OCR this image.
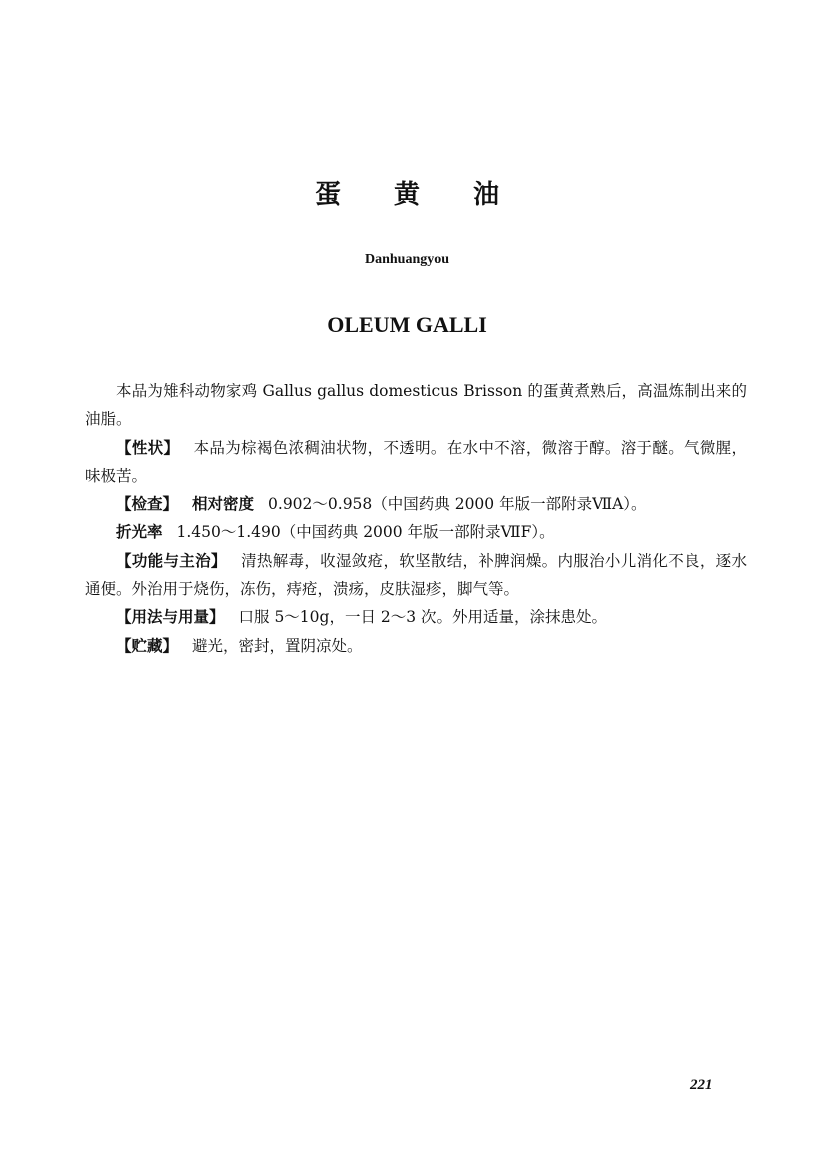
蛋 黄 油
Danhuangyou
OLEUM GALLI

本品为雉科动物家鸡 Gallus gallus domesticus Brisson 的蛋黄煮熟后，高温炼制出来的油脂。

【性状】 本品为棕褐色浓稠油状物，不透明。在水中不溶，微溶于醇。溶于醚。气微腥，味极苦。

【检查】 相对密度 0.902～0.958（中国药典 2000 年版一部附录ⅦA）。

折光率 1.450～1.490（中国药典 2000 年版一部附录ⅦF）。

【功能与主治】 清热解毒，收湿敛疮，软坚散结，补脾润燥。内服治小儿消化不良，逐水通便。外治用于烧伤，冻伤，痔疮，溃疡，皮肤湿疹，脚气等。

【用法与用量】 口服 5～10g，一日 2～3 次。外用适量，涂抹患处。

【贮藏】 避光，密封，置阴凉处。

221
